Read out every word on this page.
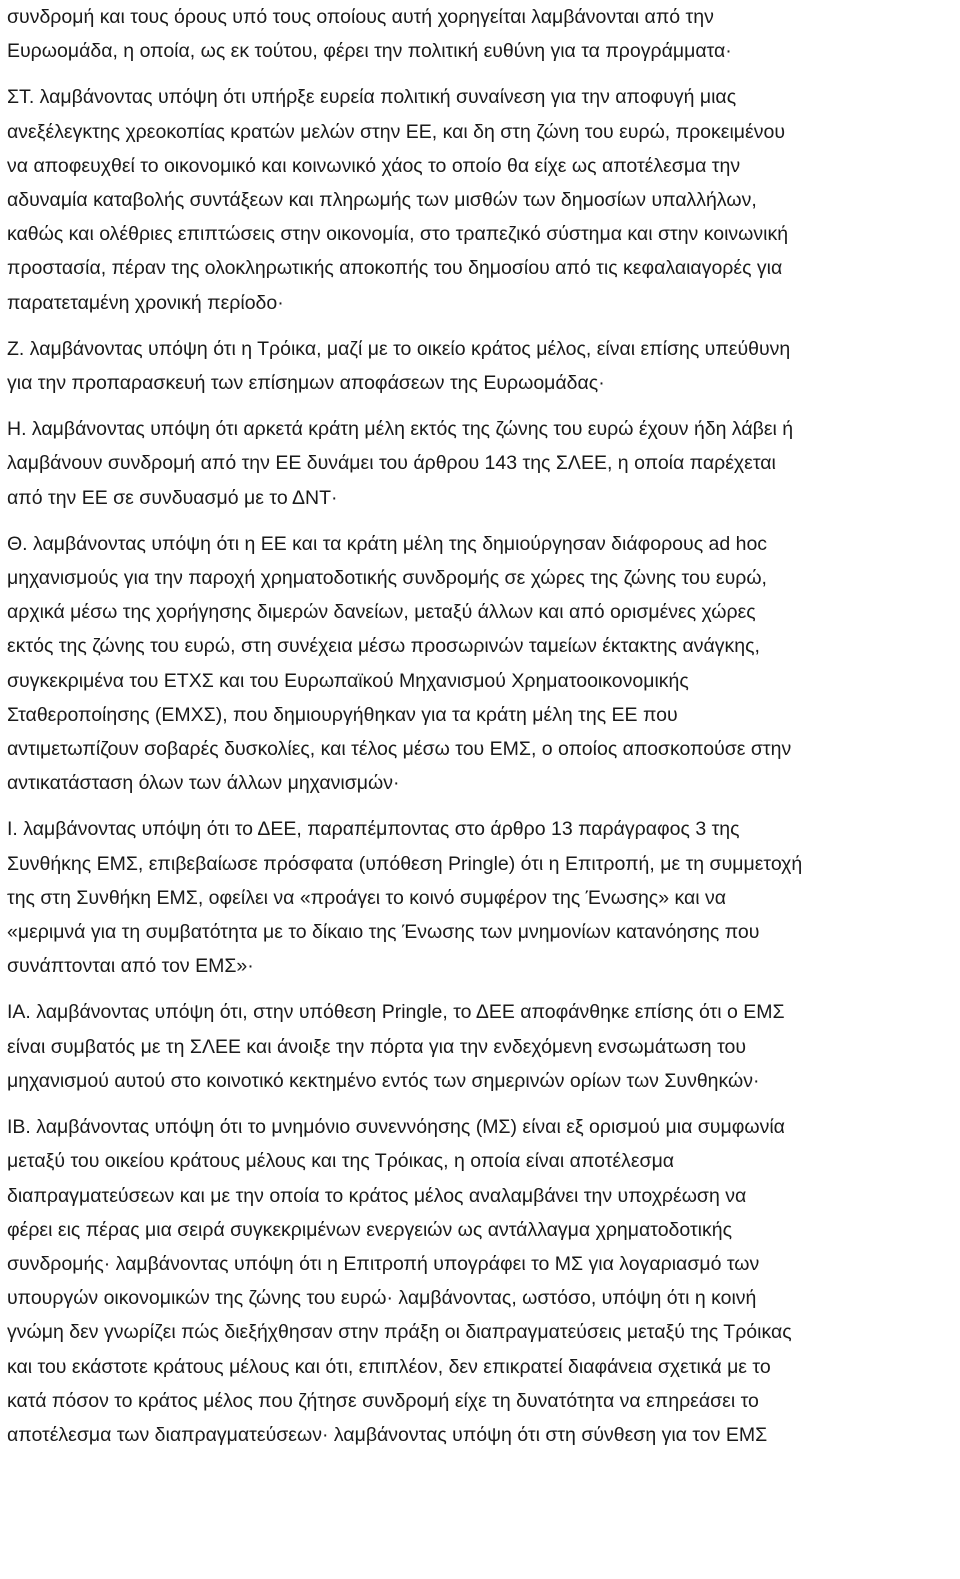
συνδρομή και τους όρους υπό τους οποίους αυτή χορηγείται λαμβάνονται από την
Ευρωομάδα, η οποία, ως εκ τούτου, φέρει την πολιτική ευθύνη για τα προγράμματα·
ΣΤ. λαμβάνοντας υπόψη ότι υπήρξε ευρεία πολιτική συναίνεση για την αποφυγή μιας
ανεξέλεγκτης χρεοκοπίας κρατών μελών στην ΕΕ, και δη στη ζώνη του ευρώ, προκειμένου
να αποφευχθεί το οικονομικό και κοινωνικό χάος το οποίο θα είχε ως αποτέλεσμα την
αδυναμία καταβολής συντάξεων και πληρωμής των μισθών των δημοσίων υπαλλήλων,
καθώς και ολέθριες επιπτώσεις στην οικονομία, στο τραπεζικό σύστημα και στην κοινωνική
προστασία, πέραν της ολοκληρωτικής αποκοπής του δημοσίου από τις κεφαλαιαγορές για
παρατεταμένη χρονική περίοδο·
Ζ. λαμβάνοντας υπόψη ότι η Τρόικα, μαζί με το οικείο κράτος μέλος, είναι επίσης υπεύθυνη
για την προπαρασκευή των επίσημων αποφάσεων της Ευρωομάδας·
Η. λαμβάνοντας υπόψη ότι αρκετά κράτη μέλη εκτός της ζώνης του ευρώ έχουν ήδη λάβει ή
λαμβάνουν συνδρομή από την ΕΕ δυνάμει του άρθρου 143 της ΣΛΕΕ, η οποία παρέχεται
από την ΕΕ σε συνδυασμό με το ΔΝΤ·
Θ. λαμβάνοντας υπόψη ότι η ΕΕ και τα κράτη μέλη της δημιούργησαν διάφορους ad hoc
μηχανισμούς για την παροχή χρηματοδοτικής συνδρομής σε χώρες της ζώνης του ευρώ,
αρχικά μέσω της χορήγησης διμερών δανείων, μεταξύ άλλων και από ορισμένες χώρες
εκτός της ζώνης του ευρώ, στη συνέχεια μέσω προσωρινών ταμείων έκτακτης ανάγκης,
συγκεκριμένα του ΕΤΧΣ και του Ευρωπαϊκού Μηχανισμού Χρηματοοικονομικής
Σταθεροποίησης (ΕΜΧΣ), που δημιουργήθηκαν για τα κράτη μέλη της ΕΕ που
αντιμετωπίζουν σοβαρές δυσκολίες, και τέλος μέσω του ΕΜΣ, ο οποίος αποσκοπούσε στην
αντικατάσταση όλων των άλλων μηχανισμών·
Ι. λαμβάνοντας υπόψη ότι το ΔΕΕ, παραπέμποντας στο άρθρο 13 παράγραφος 3 της
Συνθήκης ΕΜΣ, επιβεβαίωσε πρόσφατα (υπόθεση Pringle) ότι η Επιτροπή, με τη συμμετοχή
της στη Συνθήκη ΕΜΣ, οφείλει να «προάγει το κοινό συμφέρον της Ένωσης» και να
«μεριμνά για τη συμβατότητα με το δίκαιο της Ένωσης των μνημονίων κατανόησης που
συνάπτονται από τον ΕΜΣ»·
ΙΑ. λαμβάνοντας υπόψη ότι, στην υπόθεση Pringle, το ΔΕΕ αποφάνθηκε επίσης ότι ο ΕΜΣ
είναι συμβατός με τη ΣΛΕΕ και άνοιξε την πόρτα για την ενδεχόμενη ενσωμάτωση του
μηχανισμού αυτού στο κοινοτικό κεκτημένο εντός των σημερινών ορίων των Συνθηκών·
ΙΒ. λαμβάνοντας υπόψη ότι το μνημόνιο συνεννόησης (ΜΣ) είναι εξ ορισμού μια συμφωνία
μεταξύ του οικείου κράτους μέλους και της Τρόικας, η οποία είναι αποτέλεσμα
διαπραγματεύσεων και με την οποία το κράτος μέλος αναλαμβάνει την υποχρέωση να
φέρει εις πέρας μια σειρά συγκεκριμένων ενεργειών ως αντάλλαγμα χρηματοδοτικής
συνδρομής· λαμβάνοντας υπόψη ότι η Επιτροπή υπογράφει το ΜΣ για λογαριασμό των
υπουργών οικονομικών της ζώνης του ευρώ· λαμβάνοντας, ωστόσο, υπόψη ότι η κοινή
γνώμη δεν γνωρίζει πώς διεξήχθησαν στην πράξη οι διαπραγματεύσεις μεταξύ της Τρόικας
και του εκάστοτε κράτους μέλους και ότι, επιπλέον, δεν επικρατεί διαφάνεια σχετικά με το
κατά πόσον το κράτος μέλος που ζήτησε συνδρομή είχε τη δυνατότητα να επηρεάσει το
αποτέλεσμα των διαπραγματεύσεων· λαμβάνοντας υπόψη ότι στη σύνθεση για τον ΕΜΣ
